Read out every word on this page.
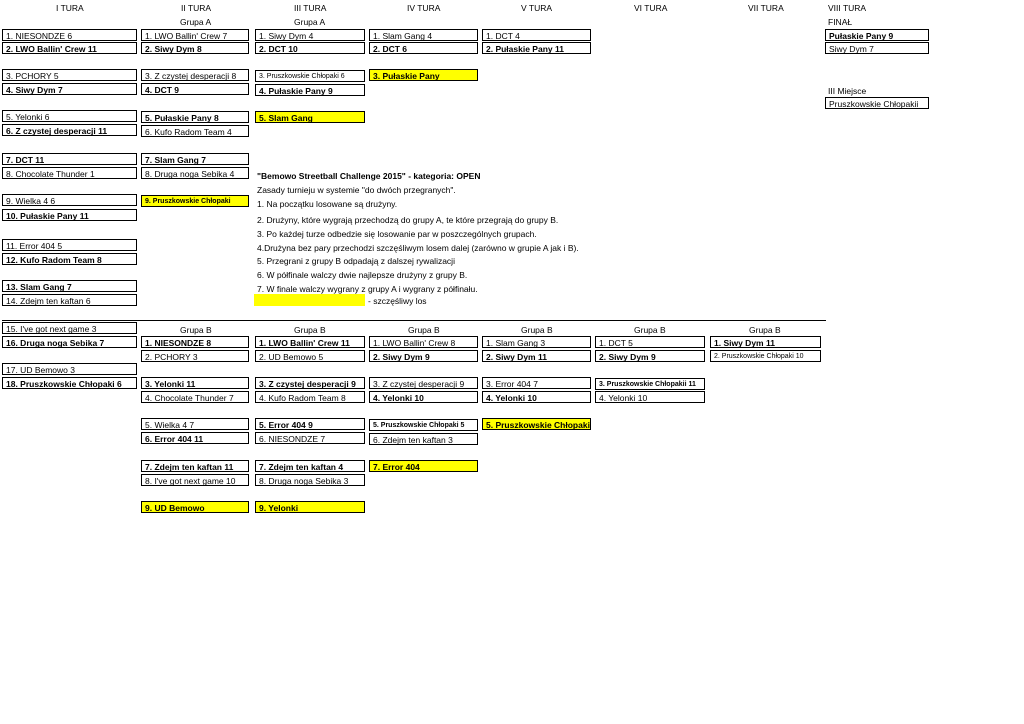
I TURA	II TURA	III TURA	IV TURA	V TURA	VI TURA	VII TURA	VIII TURA
Grupa A	Grupa A	FINAŁ
1. NIESONDZE 6
2. LWO Ballin' Crew 11
3. PCHORY 5
4. Siwy Dym 7
5. Yelonki 6
6. Z czystej desperacji 11
7. DCT 11
8. Chocolate Thunder 1
9. Wielka 4 6
10. Pułaskie Pany 11
11. Error 404 5
12. Kufo Radom Team 8
13. Slam Gang 7
14. Zdejm ten kaftan 6
15. I've got next game 3
16. Druga noga Sebika 7
17. UD Bemowo 3
18. Pruszkowskie Chłopaki 6
1. LWO Ballin' Crew 7
2. Siwy Dym 8
3. Z czystej desperacji 8
4. DCT 9
5. Pułaskie Pany 8
6. Kufo Radom Team 4
7. Slam Gang 7
8. Druga noga Sebika 4
9. Pruszkowskie Chłopaki
1. Siwy Dym 4
2. DCT 10
3. Pruszkowskie Chłopaki 6
4. Pułaskie Pany 9
5. Slam Gang
1. Slam Gang 4
2. DCT 6
3. Pułaskie Pany
1. DCT 4
2. Pułaskie Pany 11
Pułaskie Pany 9
Siwy Dym 7
III Miejsce
Pruszkowskie Chłopakii
"Bemowo Streetball Challenge 2015" - kategoria: OPEN
Zasady turnieju w systemie "do dwóch przegranych".
1. Na początku losowane są drużyny.
2. Drużyny, które wygrają przechodzą do grupy A, te które przegrają do grupy B.
3. Po każdej turze odbedzie się losowanie par w poszczególnych grupach.
4.Drużyna bez pary przechodzi szczęśliwym losem dalej (zarówno w grupie A jak i B).
5. Przegrani z grupy B odpadają z dalszej rywalizacji
6. W półfinale walczy dwie najlepsze drużyny z grupy B.
7. W finale walczy wygrany z grupy A i wygrany z półfinału.
- szczęśliwy los
Grupa B	Grupa B	Grupa B	Grupa B	Grupa B	Grupa B
1. NIESONDZE 8
2. PCHORY 3
3. Yelonki 11
4. Chocolate Thunder 7
5. Wielka 4 7
6. Error 404 11
7. Zdejm ten kaftan 11
8. I've got next game 10
9. UD Bemowo
1. LWO Ballin' Crew 11
2. UD Bemowo 5
3. Z czystej desperacji 9
4. Kufo Radom Team 8
5. Error 404 9
6. NIESONDZE 7
7. Zdejm ten kaftan 4
8. Druga noga Sebika 3
9. Yelonki
1. LWO Ballin' Crew 8
2. Siwy Dym 9
3. Z czystej desperacji 9
4. Yelonki 10
5. Pruszkowskie Chłopaki 5
6. Zdejm ten kaftan 3
7. Error 404
1. Slam Gang 3
2. Siwy Dym 11
3. Error 404 7
4. Yelonki 10
5. Pruszkowskie Chłopaki
1. DCT 5
2. Siwy Dym 9
3. Pruszkowskie Chłopakii 11
4. Yelonki 10
1. Siwy Dym 11
2. Pruszkowskie Chłopaki 10
